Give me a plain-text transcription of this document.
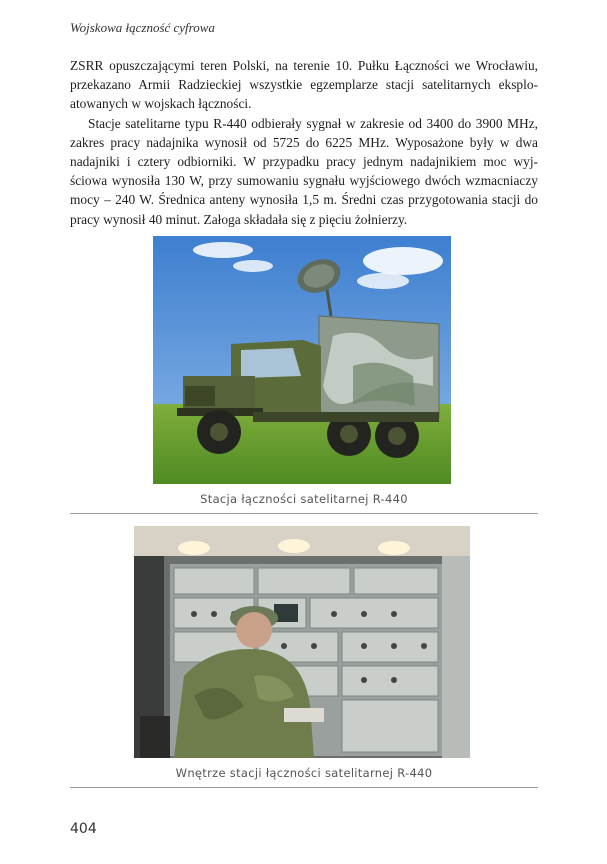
Wojskowa łączność cyfrowa

ZSRR opuszczającymi teren Polski, na terenie 10. Pułku Łączności we Wrocławiu, przekazano Armii Radzieckiej wszystkie egzemplarze stacji satelitarnych eksplo-atowanych w wojskach łączności.

Stacje satelitarne typu R-440 odbierały sygnał w zakresie od 3400 do 3900 MHz, zakres pracy nadajnika wynosił od 5725 do 6225 MHz. Wyposażone były w dwa nadajniki i cztery odbiorniki. W przypadku pracy jednym nadajnikiem moc wyj-ściowa wynosiła 130 W, przy sumowaniu sygnału wyjściowego dwóch wzmacniaczy mocy – 240 W. Średnica anteny wynosiła 1,5 m. Średni czas przygotowania stacji do pracy wynosił 40 minut. Załoga składała się z pięciu żołnierzy.

Stacja łączności satelitarnej R-440
Wnętrze stacji łączności satelitarnej R-440
404
